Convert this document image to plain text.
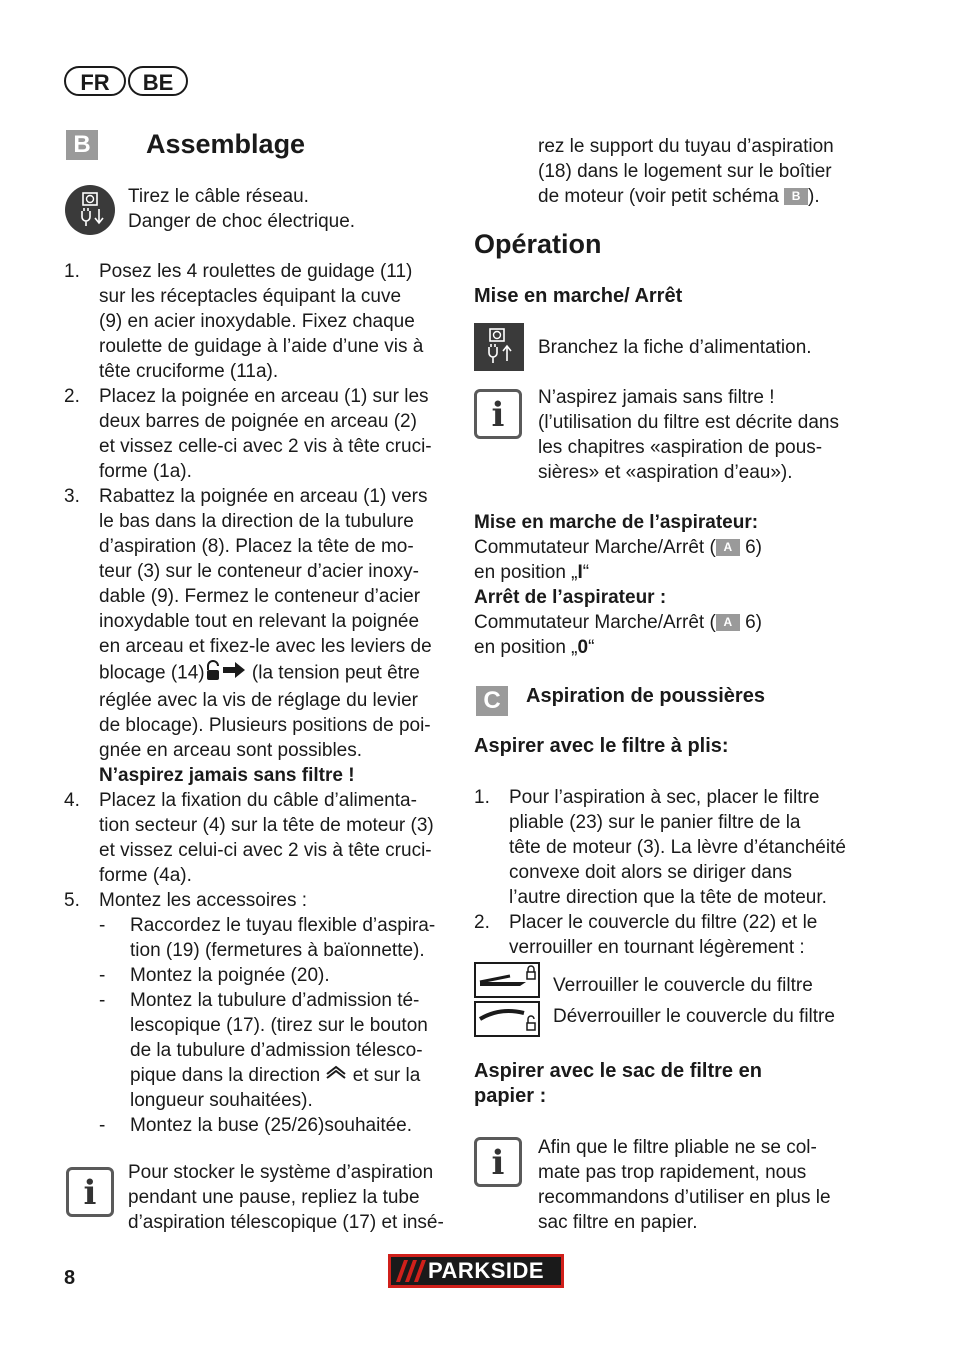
FR	BE
B Assemblage
Tirez le câble réseau.
Danger de choc électrique.
1. Posez les 4 roulettes de guidage (11)
sur les réceptacles équipant la cuve
(9) en acier inoxydable. Fixez chaque
roulette de guidage à l’aide d’une vis à
tête cruciforme (11a).
2. Placez la poignée en arceau (1) sur les
deux barres de poignée en arceau (2)
et vissez celle-ci avec 2 vis à tête cruci-
forme (1a).
3. Rabattez la poignée en arceau (1) vers
le bas dans la direction de la tubulure
d’aspiration (8). Placez la tête de mo-
teur (3) sur le conteneur d’acier inoxy-
dable (9). Fermez le conteneur d’acier
inoxydable tout en relevant la poignée
en arceau et fixez-le avec les leviers de
blocage (14) (la tension peut être
réglée avec la vis de réglage du levier
de blocage). Plusieurs positions de poi-
gnée en arceau sont possibles.
N’aspirez jamais sans filtre !
4. Placez la fixation du câble d’alimenta-
tion secteur (4) sur la tête de moteur (3)
et vissez celui-ci avec 2 vis à tête cruci-
forme (4a).
5. Montez les accessoires :
- Raccordez le tuyau flexible d’aspira-
tion (19) (fermetures à baïonnette).
- Montez la poignée (20).
- Montez la tubulure d’admission té-
lescopique (17). (tirez sur le bouton
de la tubulure d’admission télesco-
pique dans la direction  et sur la
longueur souhaitées).
- Montez la buse (25/26)souhaitée.
i
Pour stocker le système d’aspiration
pendant une pause, repliez la tube
d’aspiration télescopique (17) et insé-
rez le support du tuyau d’aspiration
(18) dans le logement sur le boîtier
de moteur (voir petit schéma B ).
Opération
Mise en marche/ Arrêt
Branchez la fiche d’alimentation.
i	N’aspirez jamais sans filtre !
(l’utilisation du filtre est décrite dans
les chapitres «aspiration de pous-
sières» et «aspiration d’eau»).
Mise en marche de l’aspirateur:
Commutateur Marche/Arrêt ( A 6)
en position „I“
Arrêt de l’aspirateur :
Commutateur Marche/Arrêt ( A 6)
en position „0“
C	Aspiration de poussières
Aspirer avec le filtre à plis:
1. Pour l’aspiration à sec, placer le filtre
pliable (23) sur le panier filtre de la
tête de moteur (3). La lèvre d’étanchéité
convexe doit alors se diriger dans
l’autre direction que la tête de moteur.
2. Placer le couvercle du filtre (22) et le
verrouiller en tournant légèrement :
Verrouiller le couvercle du filtre
Déverrouiller le couvercle du filtre
Aspirer avec le sac de filtre en
papier :
i	Afin que le filtre pliable ne se col-
mate pas trop rapidement, nous
recommandons d’utiliser en plus le
sac filtre en papier.
8	PARKSIDE
